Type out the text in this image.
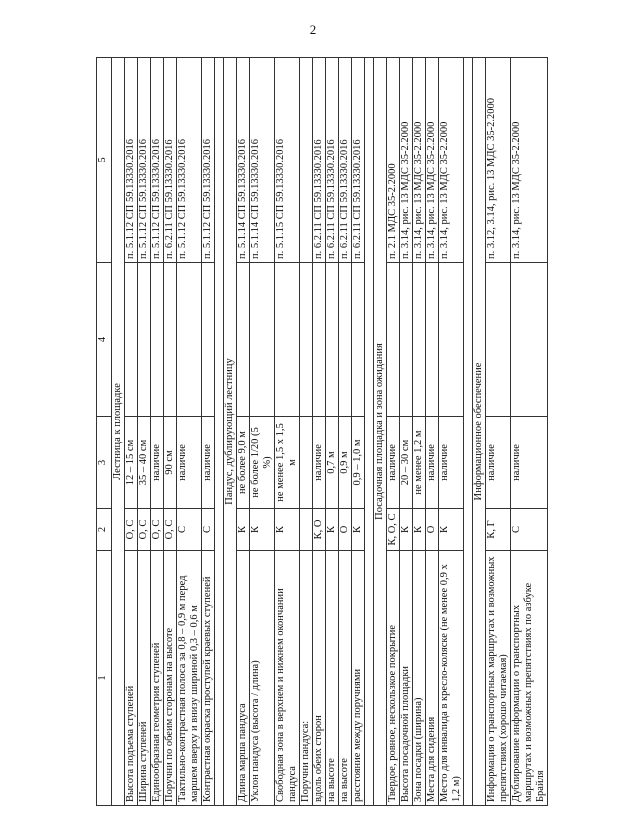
2
1	2	3	4	5
Лестница к площадке				
Высота подъема ступеней	О, С	12 – 15 см		п. 5.1.12 СП 59.13330.2016
Ширина ступеней	О, С	35 – 40 см		п. 5.1.12 СП 59.13330.2016
Единообразная геометрия ступеней	О, С	наличие		п. 5.1.12 СП 59.13330.2016
Поручни по обеим сторонам на высоте	О, С	90 см		п. 6.2.11 СП 59.13330.2016
Тактильно-контрастная полоса за 0,8 – 0,9 м перед маршем вверху и внизу шириной 0,3 – 0,6 м	С	наличие		п. 5.1.12 СП 59.13330.2016
Контрастная окраска проступей краевых ступеней	С	наличие		п. 5.1.12 СП 59.13330.2016

Пандус, дублирующий лестницу				
Длина марша пандуса	К	не более 9,0 м		п. 5.1.14 СП 59.13330.2016
Уклон пандуса (высота / длина)	К	не более 1/20 (5 %)		п. 5.1.14 СП 59.13330.2016
Свободная зона в верхнем и нижнем окончании пандуса	К	не менее 1,5 х 1,5 м		п. 5.1.15 СП 59.13330.2016
Поручни пандуса:				
вдоль обеих сторон	К, О	наличие		п. 6.2.11 СП 59.13330.2016
на высоте	К	0,7 м		п. 6.2.11 СП 59.13330.2016
на высоте	О	0,9 м		п. 6.2.11 СП 59.13330.2016
расстояние между поручнями	К	0,9 – 1,0 м		п. 6.2.11 СП 59.13330.2016

Посадочная площадка и зона ожидания				
Твердое, ровное, нескользкое покрытие	К, О, С	наличие		п. 2.1 МДС 35-2.2000
Высота посадочной площадки	К	20 – 30 см		п. 3.14, рис. 13 МДС 35-2.2000
Зона посадки (ширина)	К	не менее 1,2 м		п. 3.14, рис. 13 МДС 35-2.2000
Места для сидения	О	наличие		п. 3.14, рис. 13 МДС 35-2.2000
Место для инвалида в кресло-коляске (не менее 0,9 х 1,2 м)	К	наличие		п. 3.14, рис. 13 МДС 35-2.2000

Информационное обеспечение				
Информация о транспортных маршрутах и возможных препятствиях (хорошо читаемая)	К, Г	наличие		п. 3.12, 3.14, рис. 13 МДС 35-2.2000
Дублирование информации о транспортных маршрутах и возможных препятствиях по азбуке Брайля	С	наличие		п. 3.14, рис. 13 МДС 35-2.2000
